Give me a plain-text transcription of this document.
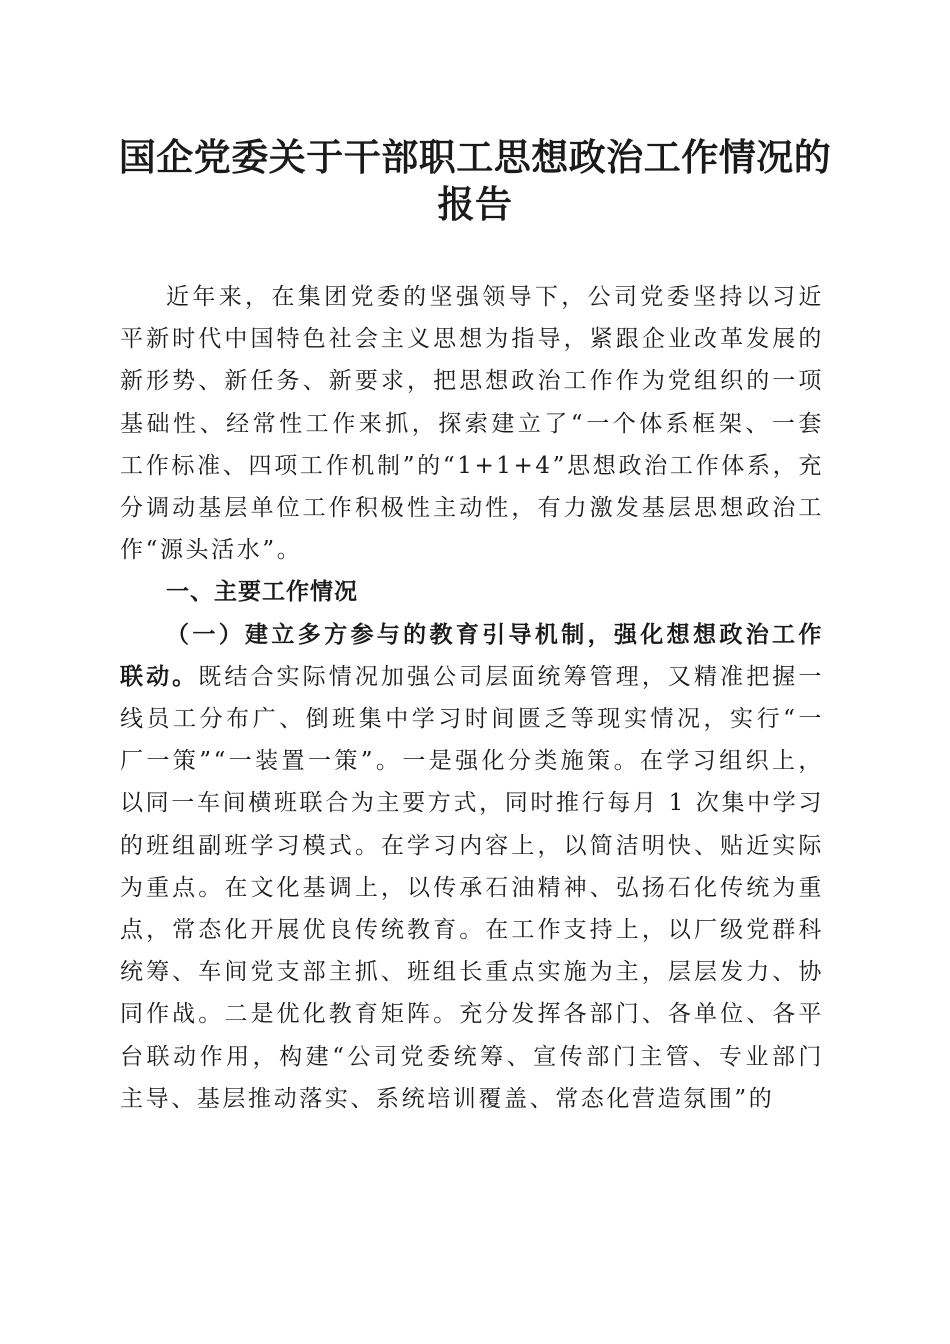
国企党委关于干部职工思想政治工作情况的报告

近年来，在集团党委的坚强领导下，公司党委坚持以习近平新时代中国特色社会主义思想为指导，紧跟企业改革发展的新形势、新任务、新要求，把思想政治工作作为党组织的一项基础性、经常性工作来抓，探索建立了“一个体系框架、一套工作标准、四项工作机制”的“1+1+4”思想政治工作体系，充分调动基层单位工作积极性主动性，有力激发基层思想政治工作“源头活水”。

一、主要工作情况

（一）建立多方参与的教育引导机制，强化想想政治工作联动。既结合实际情况加强公司层面统筹管理，又精准把握一线员工分布广、倒班集中学习时间匮乏等现实情况，实行“一厂一策”“一装置一策”。一是强化分类施策。在学习组织上，以同一车间横班联合为主要方式，同时推行每月 1 次集中学习的班组副班学习模式。在学习内容上，以简洁明快、贴近实际为重点。在文化基调上，以传承石油精神、弘扬石化传统为重点，常态化开展优良传统教育。在工作支持上，以厂级党群科统筹、车间党支部主抓、班组长重点实施为主，层层发力、协同作战。二是优化教育矩阵。充分发挥各部门、各单位、各平台联动作用，构建“公司党委统筹、宣传部门主管、专业部门主导、基层推动落实、系统培训覆盖、常态化营造氛围”的
